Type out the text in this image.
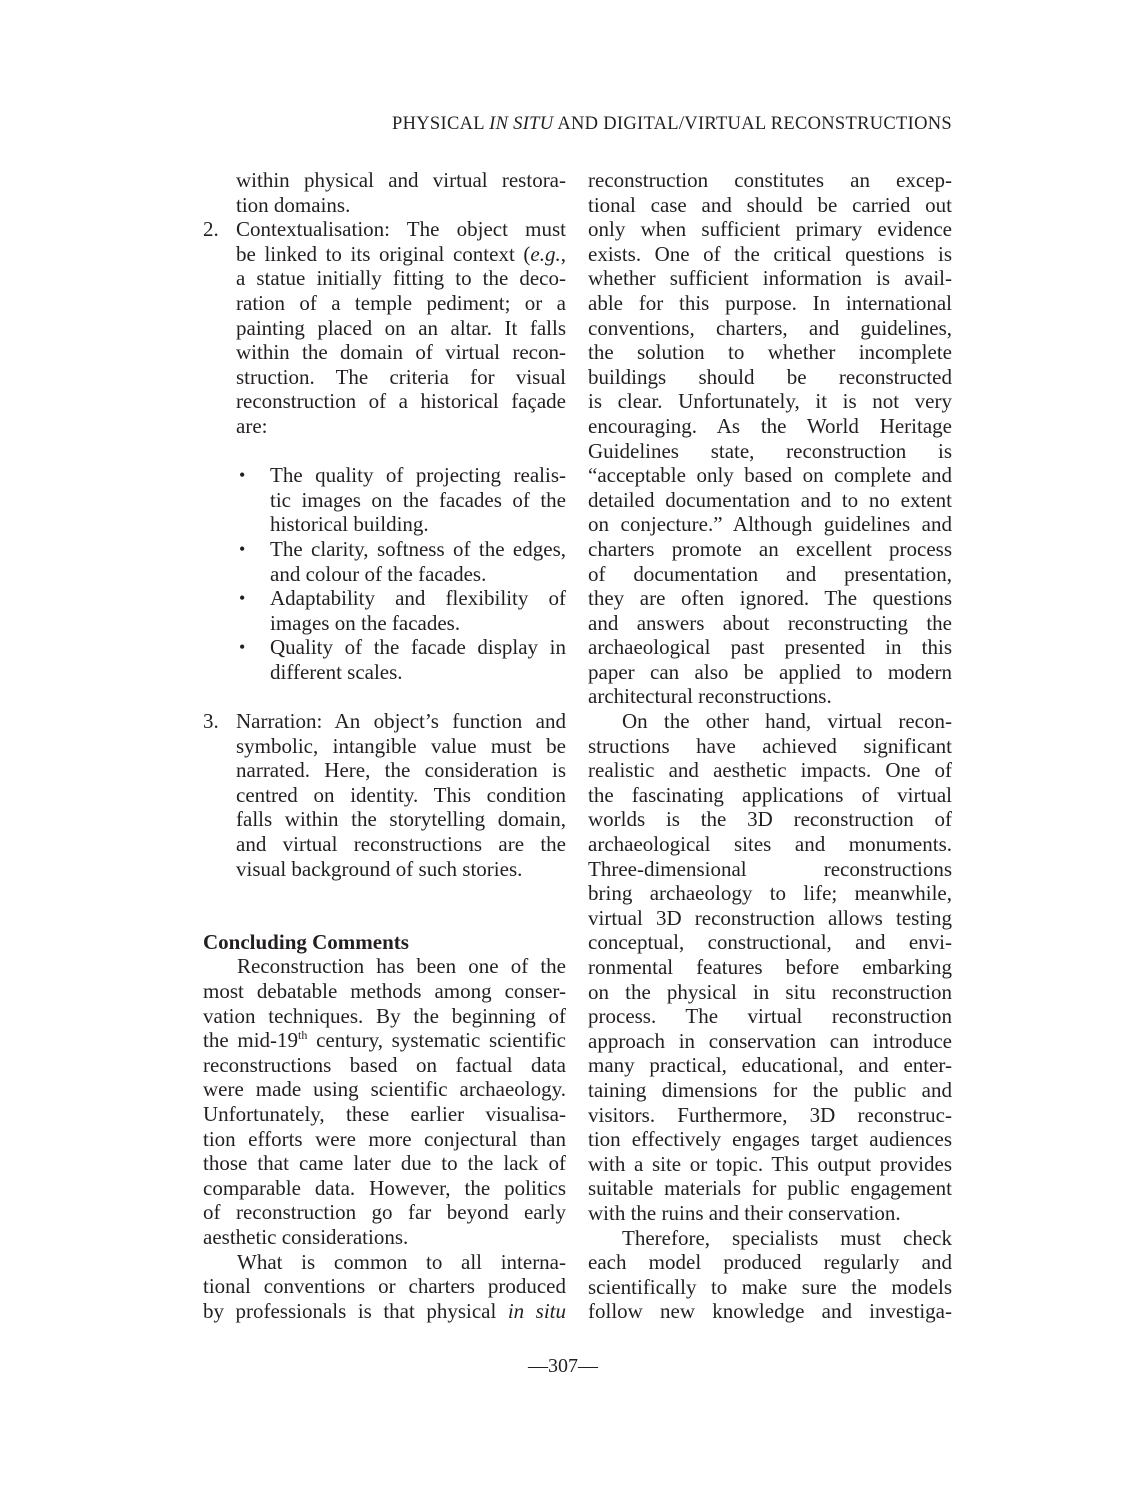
PHYSICAL IN SITU AND DIGITAL/VIRTUAL RECONSTRUCTIONS
within physical and virtual restora-
tion domains.
2. Contextualisation: The object must
be linked to its original context (e.g.,
a statue initially fitting to the deco-
ration of a temple pediment; or a
painting placed on an altar. It falls
within the domain of virtual recon-
struction. The criteria for visual
reconstruction of a historical façade
are:
• The quality of projecting realis-
tic images on the facades of the
historical building.
• The clarity, softness of the edges,
and colour of the facades.
• Adaptability and flexibility of
images on the facades.
• Quality of the facade display in
different scales.
3. Narration: An object’s function and
symbolic, intangible value must be
narrated. Here, the consideration is
centred on identity. This condition
falls within the storytelling domain,
and virtual reconstructions are the
visual background of such stories.
Concluding Comments
Reconstruction has been one of the
most debatable methods among conser-
vation techniques. By the beginning of
the mid-19th century, systematic scientific
reconstructions based on factual data
were made using scientific archaeology.
Unfortunately, these earlier visualisa-
tion efforts were more conjectural than
those that came later due to the lack of
comparable data. However, the politics
of reconstruction go far beyond early
aesthetic considerations.
What is common to all interna-
tional conventions or charters produced
by professionals is that physical in situ
reconstruction constitutes an excep-
tional case and should be carried out
only when sufficient primary evidence
exists. One of the critical questions is
whether sufficient information is avail-
able for this purpose. In international
conventions, charters, and guidelines,
the solution to whether incomplete
buildings should be reconstructed
is clear. Unfortunately, it is not very
encouraging. As the World Heritage
Guidelines state, reconstruction is
“acceptable only based on complete and
detailed documentation and to no extent
on conjecture.” Although guidelines and
charters promote an excellent process
of documentation and presentation,
they are often ignored. The questions
and answers about reconstructing the
archaeological past presented in this
paper can also be applied to modern
architectural reconstructions.
On the other hand, virtual recon-
structions have achieved significant
realistic and aesthetic impacts. One of
the fascinating applications of virtual
worlds is the 3D reconstruction of
archaeological sites and monuments.
Three-dimensional reconstructions
bring archaeology to life; meanwhile,
virtual 3D reconstruction allows testing
conceptual, constructional, and envi-
ronmental features before embarking
on the physical in situ reconstruction
process. The virtual reconstruction
approach in conservation can introduce
many practical, educational, and enter-
taining dimensions for the public and
visitors. Furthermore, 3D reconstruc-
tion effectively engages target audiences
with a site or topic. This output provides
suitable materials for public engagement
with the ruins and their conservation.
Therefore, specialists must check
each model produced regularly and
scientifically to make sure the models
follow new knowledge and investiga-
—307—
